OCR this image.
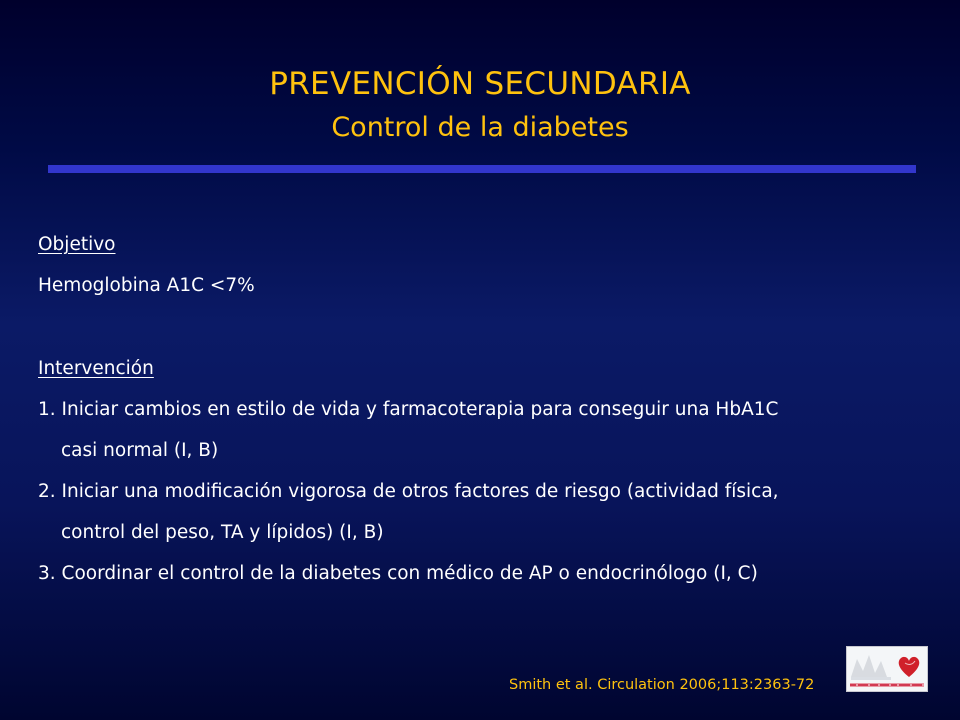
PREVENCIÓN SECUNDARIA
Control de la diabetes
Objetivo
Hemoglobina A1C <7%
Intervención
1. Iniciar cambios en estilo de vida y farmacoterapia para conseguir una HbA1C
casi normal (I, B)
2. Iniciar una modificación vigorosa de otros factores de riesgo (actividad física,
control del peso, TA y lípidos) (I, B)
3. Coordinar el control de la diabetes con médico de AP o endocrinólogo (I, C)
Smith et al. Circulation 2006;113:2363-72
